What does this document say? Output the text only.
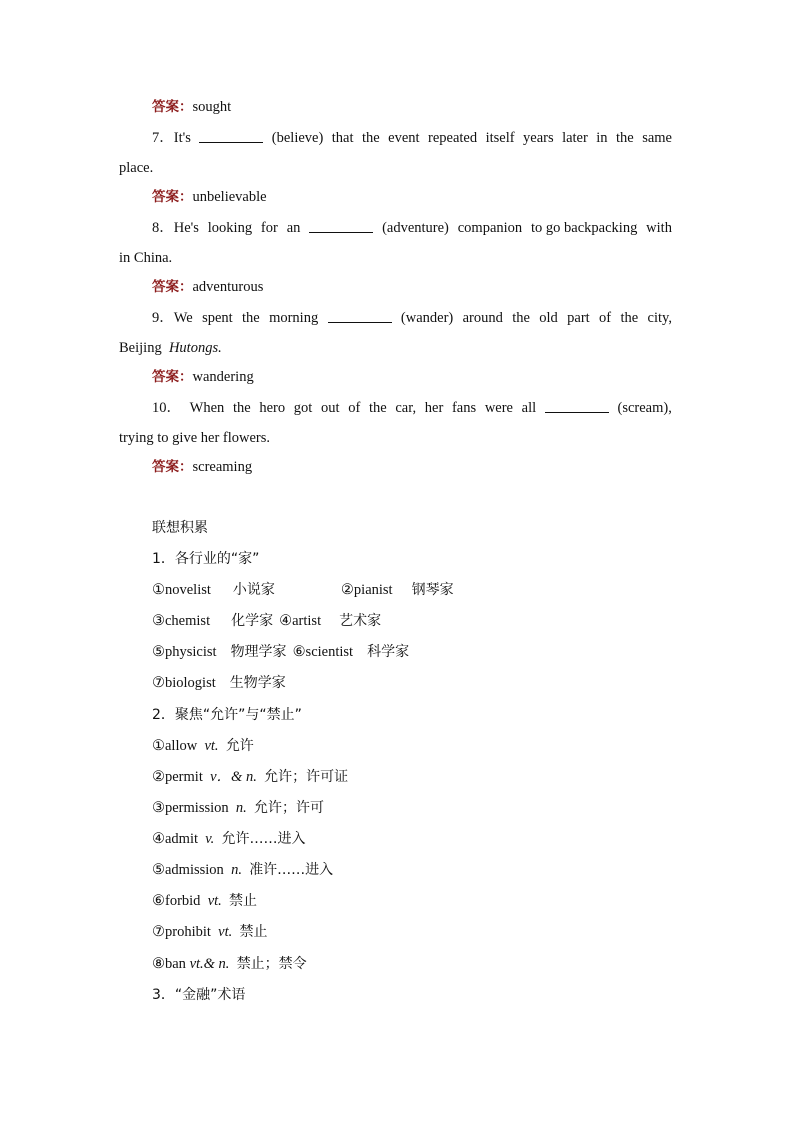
答案：sought
7．It's	(believe) that the event repeated itself years later in the same
place.
答案：unbelievable
8．He's looking for an	(adventure) companion to go backpacking with
in China.
答案：adventurous
9．We spent the morning	(wander) around the old part of the city,
Beijing Hutongs.
答案：wandering
10． When the hero got out of the car, her fans were all	(scream),
trying to give her flowers.
答案：screaming
联想积累
1．各行业的“家”
①novelist 小说家	②pianist 钢琴家
③chemist 化学家 ④artist 艺术家
⑤physicist 物理学家 ⑥scientist 科学家
⑦biologist 生物学家
2．聚焦“允许”与“禁止”
①allow vt. 允许
②permit v．& n. 允许；许可证
③permission n. 允许；许可
④admit v. 允许……进入
⑤admission n. 准许……进入
⑥forbid vt. 禁止
⑦prohibit vt. 禁止
⑧ban vt.& n. 禁止；禁令
3．“金融”术语
